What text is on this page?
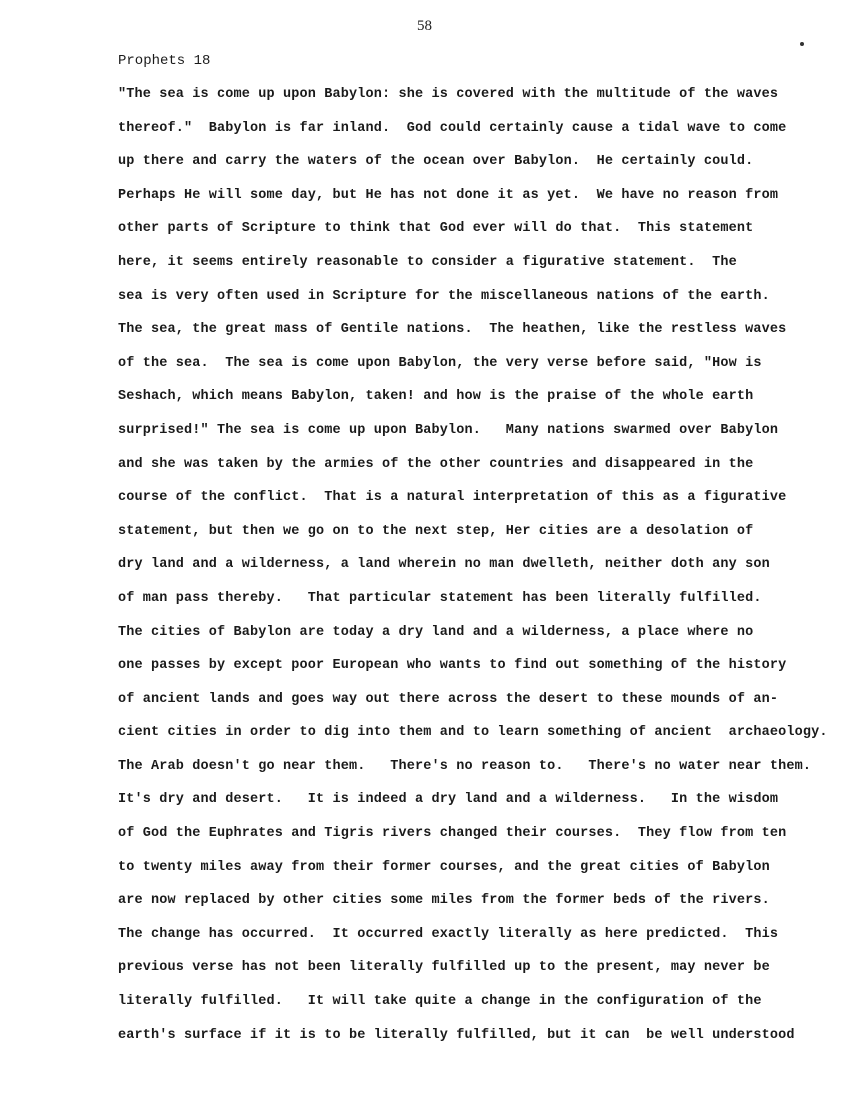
58
Prophets 18
"The sea is come up upon Babylon: she is covered with the multitude of the waves
thereof."  Babylon is far inland.  God could certainly cause a tidal wave to come
up there and carry the waters of the ocean over Babylon.  He certainly could.
Perhaps He will some day, but He has not done it as yet.  We have no reason from
other parts of Scripture to think that God ever will do that.  This statement
here, it seems entirely reasonable to consider a figurative statement.  The
sea is very often used in Scripture for the miscellaneous nations of the earth.
The sea, the great mass of Gentile nations.  The heathen, like the restless waves
of the sea.  The sea is come upon Babylon, the very verse before said, "How is
Seshach, which means Babylon, taken! and how is the praise of the whole earth
surprised!" The sea is come up upon Babylon.   Many nations swarmed over Babylon
and she was taken by the armies of the other countries and disappeared in the
course of the conflict.  That is a natural interpretation of this as a figurative
statement, but then we go on to the next step, Her cities are a desolation of
dry land and a wilderness, a land wherein no man dwelleth, neither doth any son
of man pass thereby.   That particular statement has been literally fulfilled.
The cities of Babylon are today a dry land and a wilderness, a place where no
one passes by except poor European who wants to find out something of the history
of ancient lands and goes way out there across the desert to these mounds of an-
cient cities in order to dig into them and to learn something of ancient  archaeology.
The Arab doesn't go near them.   There's no reason to.   There's no water near them.
It's dry and desert.   It is indeed a dry land and a wilderness.   In the wisdom
of God the Euphrates and Tigris rivers changed their courses.  They flow from ten
to twenty miles away from their former courses, and the great cities of Babylon
are now replaced by other cities some miles from the former beds of the rivers.
The change has occurred.  It occurred exactly literally as here predicted.  This
previous verse has not been literally fulfilled up to the present, may never be
literally fulfilled.   It will take quite a change in the configuration of the
earth's surface if it is to be literally fulfilled, but it can  be well understood
